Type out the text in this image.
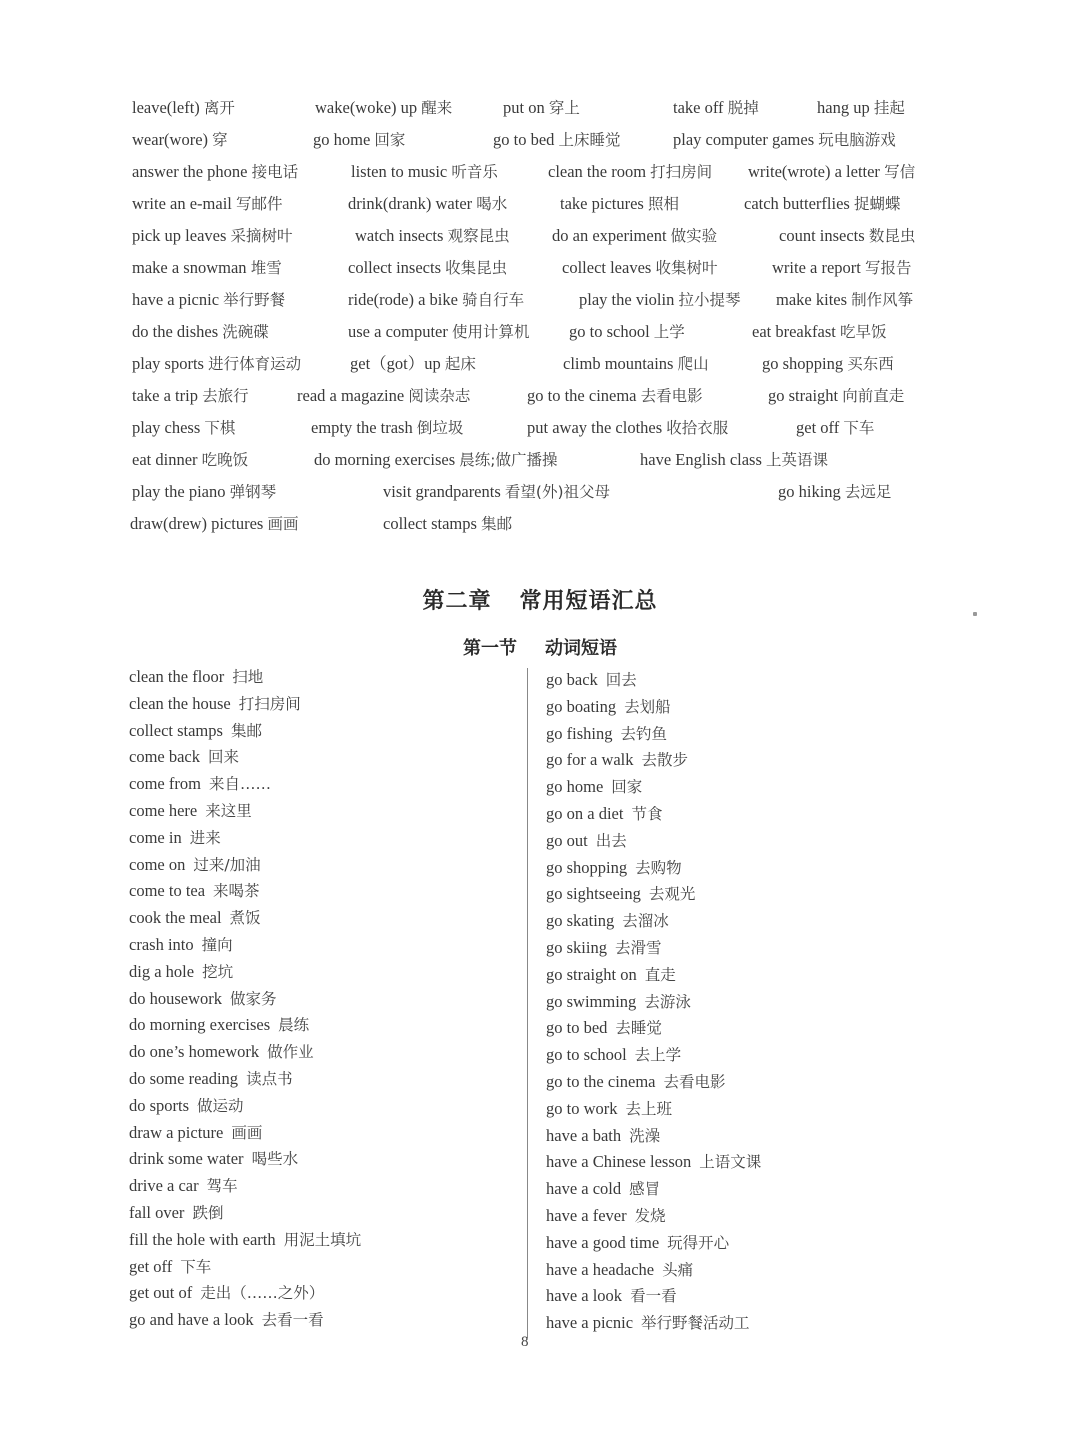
leave(left) 离开	wake(woke) up 醒来	put on 穿上	take off 脱掉	hang up 挂起
wear(wore) 穿	go home 回家	go to bed 上床睡觉	play computer games 玩电脑游戏
answer the phone 接电话	listen to music 听音乐	clean the room 打扫房间 write(wrote) a letter 写信
write an e-mail 写邮件	drink(drank) water 喝水	take pictures 照相	catch butterflies 捉蝴蝶
pick up leaves 采摘树叶	watch insects 观察昆虫	do an experiment 做实验	count insects 数昆虫
make a snowman 堆雪	collect insects 收集昆虫	collect leaves 收集树叶	write a report 写报告
have a picnic 举行野餐	ride(rode) a bike 骑自行车	play the violin 拉小提琴 make kites 制作风筝
do the dishes 洗碗碟	use a computer 使用计算机 go to school 上学	eat breakfast 吃早饭
play sports 进行体育运动	get（got）up 起床	climb mountains 爬山	go shopping 买东西
take a trip 去旅行	read a magazine 阅读杂志	go to the cinema 去看电影	go straight 向前直走
play chess 下棋	empty the trash 倒垃圾	put away the clothes 收拾衣服	get off 下车
eat dinner 吃晚饭	do morning exercises 晨练;做广播操	have English class 上英语课
play the piano 弹钢琴	visit grandparents 看望(外)祖父母	go hiking 去远足
draw(drew) pictures 画画	collect stamps 集邮
第二章 常用短语汇总
第一节 动词短语
clean the floor 扫地
clean the house 打扫房间
collect stamps 集邮
come back 回来
come from 来自……
come here 来这里
come in 进来
come on 过来/加油
come to tea 来喝茶
cook the meal 煮饭
crash into 撞向
dig a hole 挖坑
do housework 做家务
do morning exercises 晨练
do one’s homework 做作业
do some reading 读点书
do sports 做运动
draw a picture 画画
drink some water 喝些水
drive a car 驾车
fall over 跌倒
fill the hole with earth 用泥土填坑
get off 下车
get out of 走出（……之外）
go and have a look 去看一看
go back 回去
go boating 去划船
go fishing 去钓鱼
go for a walk 去散步
go home 回家
go on a diet 节食
go out 出去
go shopping 去购物
go sightseeing 去观光
go skating 去溜冰
go skiing 去滑雪
go straight on 直走
go swimming 去游泳
go to bed 去睡觉
go to school 去上学
go to the cinema 去看电影
go to work 去上班
have a bath 洗澡
have a Chinese lesson 上语文课
have a cold 感冒
have a fever 发烧
have a good time 玩得开心
have a headache 头痛
have a look 看一看
have a picnic 举行野餐活动工
8
